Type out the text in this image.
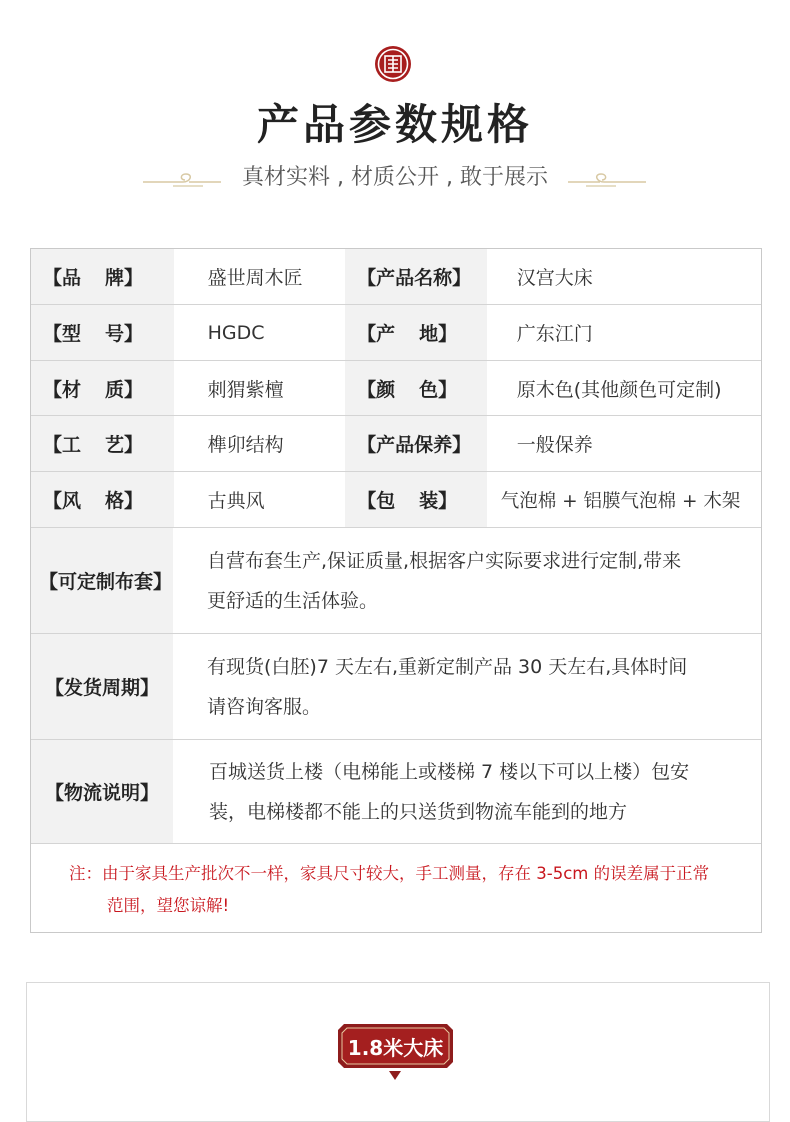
产品参数规格
真材实料 , 材质公开 , 敢于展示
【品 牌】	盛世周木匠	【产品名称】	汉宫大床
【型 号】	HGDC	【产 地】	广东江门
【材 质】	刺猬紫檀	【颜 色】	原木色(其他颜色可定制)
【工 艺】	榫卯结构	【产品保养】	一般保养
【风 格】	古典风	【包 装】	气泡棉 + 铝膜气泡棉 + 木架
【可定制布套】
自营布套生产,保证质量,根据客户实际要求进行定制,带来
更舒适的生活体验。
【发货周期】
有现货(白胚)7 天左右,重新定制产品 30 天左右,具体时间
请咨询客服。
【物流说明】
百城送货上楼（电梯能上或楼梯 7 楼以下可以上楼）包安
装，电梯楼都不能上的只送货到物流车能到的地方
注：由于家具生产批次不一样，家具尺寸较大，手工测量，存在 3-5cm 的误差属于正常
范围，望您谅解!
1.8米大床
